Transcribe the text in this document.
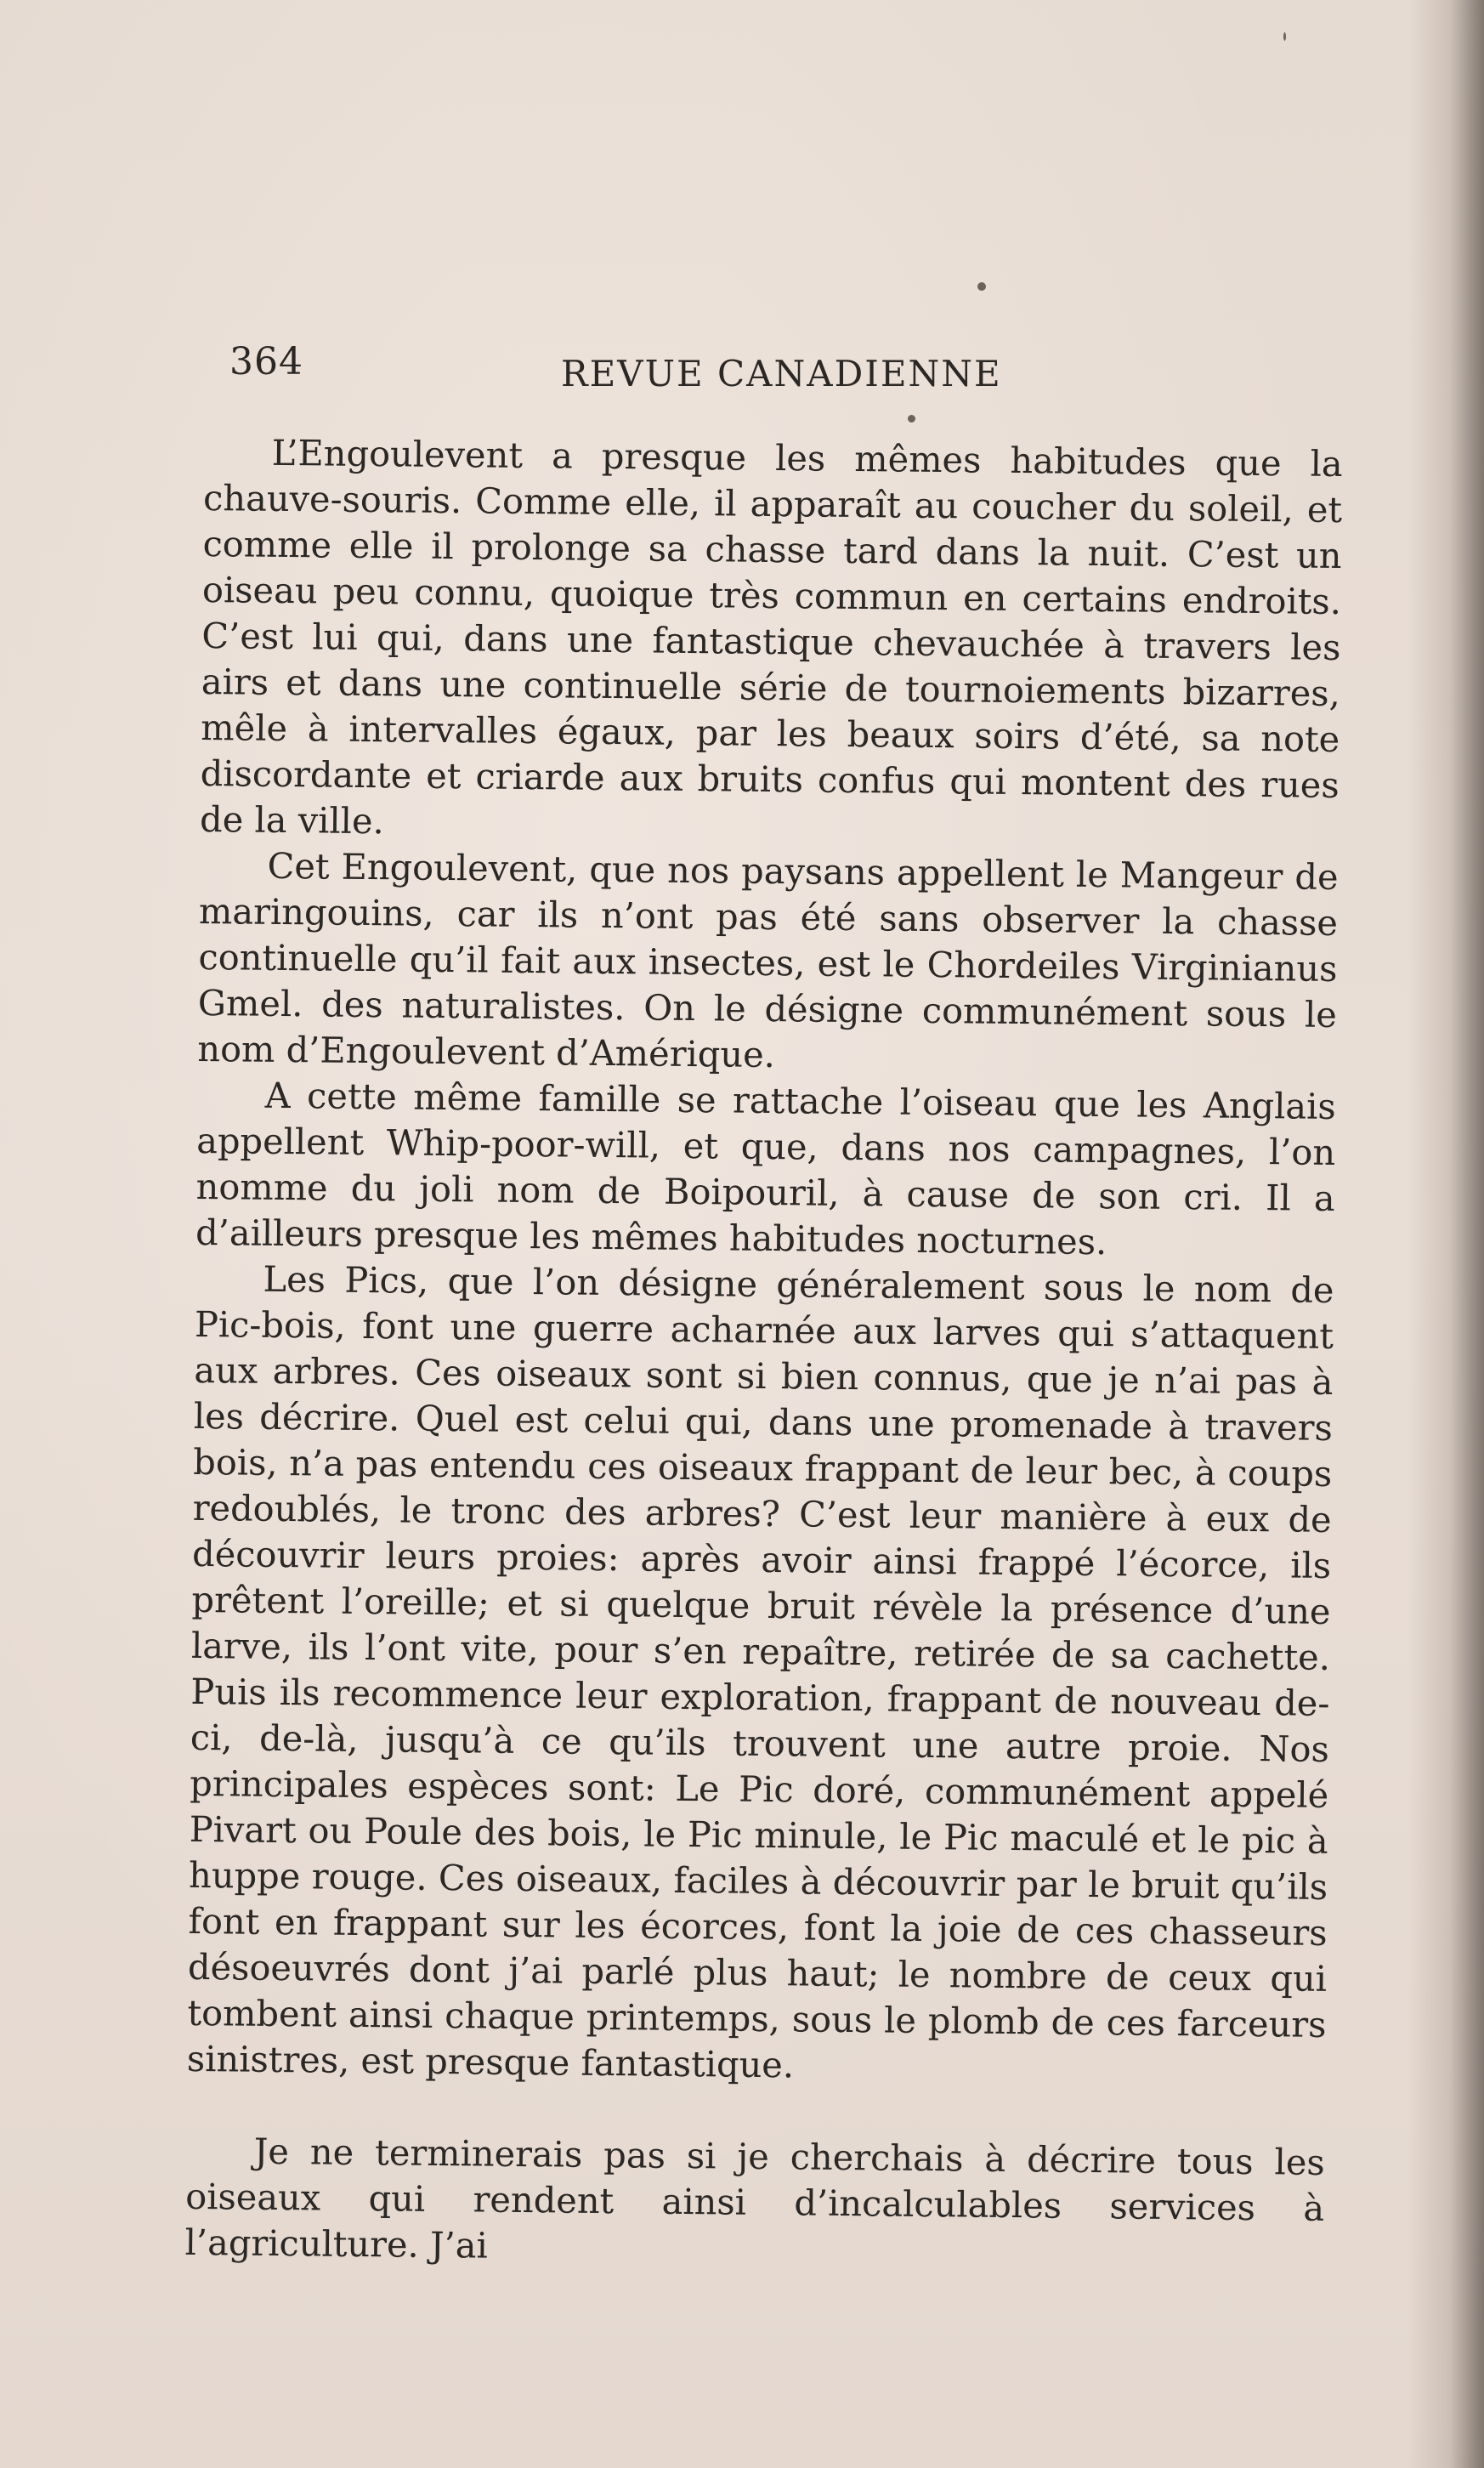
364	REVUE CANADIENNE

L’Engoulevent a presque les mêmes habitudes que la chauve-souris. Comme elle, il apparaît au coucher du soleil, et comme elle il prolonge sa chasse tard dans la nuit. C’est un oiseau peu connu, quoique très commun en certains endroits. C’est lui qui, dans une fantastique chevauchée à travers les airs et dans une continuelle série de tournoiements bizarres, mêle à intervalles égaux, par les beaux soirs d’été, sa note discordante et criarde aux bruits confus qui montent des rues de la ville.

Cet Engoulevent, que nos paysans appellent le Mangeur de maringouins, car ils n’ont pas été sans observer la chasse continuelle qu’il fait aux insectes, est le Chordeiles Virginianus Gmel. des naturalistes. On le désigne communément sous le nom d’Engoulevent d’Amérique.

A cette même famille se rattache l’oiseau que les Anglais appellent Whip-poor-will, et que, dans nos campagnes, l’on nomme du joli nom de Boipouril, à cause de son cri. Il a d’ailleurs presque les mêmes habitudes nocturnes.

Les Pics, que l’on désigne généralement sous le nom de Pic-bois, font une guerre acharnée aux larves qui s’attaquent aux arbres. Ces oiseaux sont si bien connus, que je n’ai pas à les décrire. Quel est celui qui, dans une promenade à travers bois, n’a pas entendu ces oiseaux frappant de leur bec, à coups redoublés, le tronc des arbres? C’est leur manière à eux de découvrir leurs proies: après avoir ainsi frappé l’écorce, ils prêtent l’oreille; et si quelque bruit révèle la présence d’une larve, ils l’ont vite, pour s’en repaître, retirée de sa cachette. Puis ils recommence leur exploration, frappant de nouveau de-ci, de-là, jusqu’à ce qu’ils trouvent une autre proie. Nos principales espèces sont: Le Pic doré, communément appelé Pivart ou Poule des bois, le Pic minule, le Pic maculé et le pic à huppe rouge. Ces oiseaux, faciles à découvrir par le bruit qu’ils font en frappant sur les écorces, font la joie de ces chasseurs désoeuvrés dont j’ai parlé plus haut; le nombre de ceux qui tombent ainsi chaque printemps, sous le plomb de ces farceurs sinistres, est presque fantastique.

Je ne terminerais pas si je cherchais à décrire tous les oiseaux qui rendent ainsi d’incalculables services à l’agriculture. J’ai
